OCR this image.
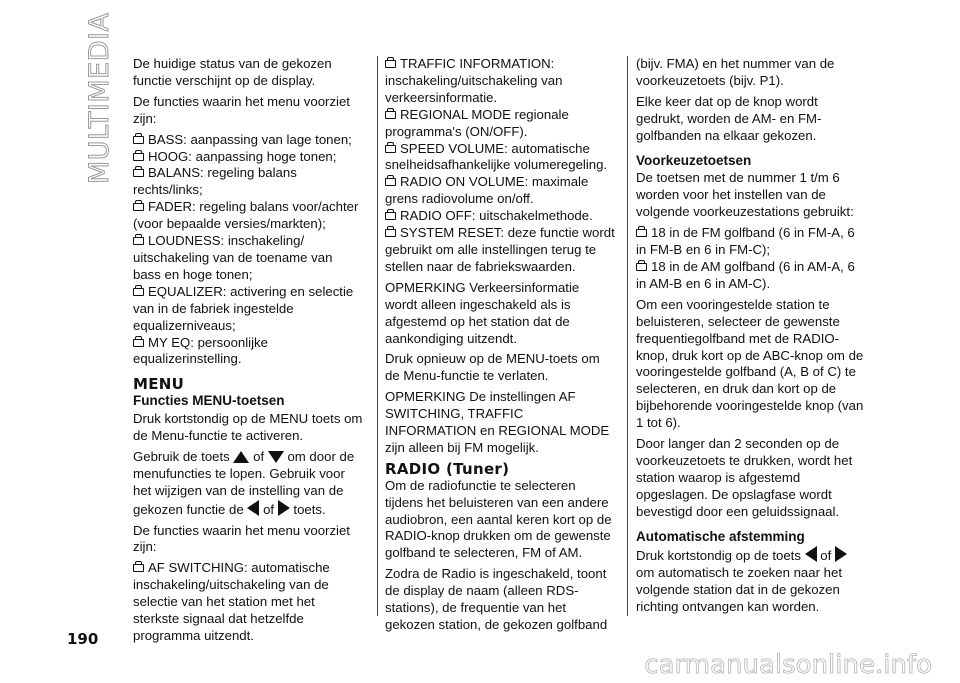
MULTIMEDIA
190

De huidige status van de gekozen functie verschijnt op de display.

De functies waarin het menu voorziet zijn:

BASS: aanpassing van lage tonen;
HOOG: aanpassing hoge tonen;
BALANS: regeling balans rechts/links;
FADER: regeling balans voor/achter (voor bepaalde versies/markten);
LOUDNESS: inschakeling/ uitschakeling van de toename van bass en hoge tonen;
EQUALIZER: activering en selectie van in de fabriek ingestelde equalizerniveaus;
MY EQ: persoonlijke equalizerinstelling.
MENU
Functies MENU-toetsen

Druk kortstondig op de MENU toets om de Menu-functie te activeren.

Gebruik de toets of om door de menufuncties te lopen. Gebruik voor het wijzigen van de instelling van de gekozen functie de of toets.

De functies waarin het menu voorziet zijn:

AF SWITCHING: automatische inschakeling/uitschakeling van de selectie van het station met het sterkste signaal dat hetzelfde programma uitzendt.
TRAFFIC INFORMATION: inschakeling/uitschakeling van verkeersinformatie.
REGIONAL MODE regionale programma's (ON/OFF).
SPEED VOLUME: automatische snelheidsafhankelijke volumeregeling.
RADIO ON VOLUME: maximale grens radiovolume on/off.
RADIO OFF: uitschakelmethode.
SYSTEM RESET: deze functie wordt gebruikt om alle instellingen terug te stellen naar de fabriekswaarden.

OPMERKING Verkeersinformatie wordt alleen ingeschakeld als is afgestemd op het station dat de aankondiging uitzendt.

Druk opnieuw op de MENU-toets om de Menu-functie te verlaten.

OPMERKING De instellingen AF SWITCHING, TRAFFIC INFORMATION en REGIONAL MODE zijn alleen bij FM mogelijk.

RADIO (Tuner)

Om de radiofunctie te selecteren tijdens het beluisteren van een andere audiobron, een aantal keren kort op de RADIO-knop drukken om de gewenste golfband te selecteren, FM of AM.

Zodra de Radio is ingeschakeld, toont de display de naam (alleen RDS-stations), de frequentie van het gekozen station, de gekozen golfband

(bijv. FMA) en het nummer van de voorkeuzetoets (bijv. P1).

Elke keer dat op de knop wordt gedrukt, worden de AM- en FM-golfbanden na elkaar gekozen.

Voorkeuzetoetsen

De toetsen met de nummer 1 t/m 6 worden voor het instellen van de volgende voorkeuzestations gebruikt:

18 in de FM golfband (6 in FM-A, 6 in FM-B en 6 in FM-C);
18 in de AM golfband (6 in AM-A, 6 in AM-B en 6 in AM-C).

Om een vooringestelde station te beluisteren, selecteer de gewenste frequentiegolfband met de RADIO-knop, druk kort op de ABC-knop om de vooringestelde golfband (A, B of C) te selecteren, en druk dan kort op de bijbehorende vooringestelde knop (van 1 tot 6).

Door langer dan 2 seconden op de voorkeuzetoets te drukken, wordt het station waarop is afgestemd opgeslagen. De opslagfase wordt bevestigd door een geluidssignaal.

Automatische afstemming

Druk kortstondig op de toets of  om automatisch te zoeken naar het volgende station dat in de gekozen richting ontvangen kan worden.

carmanualsonline.info
